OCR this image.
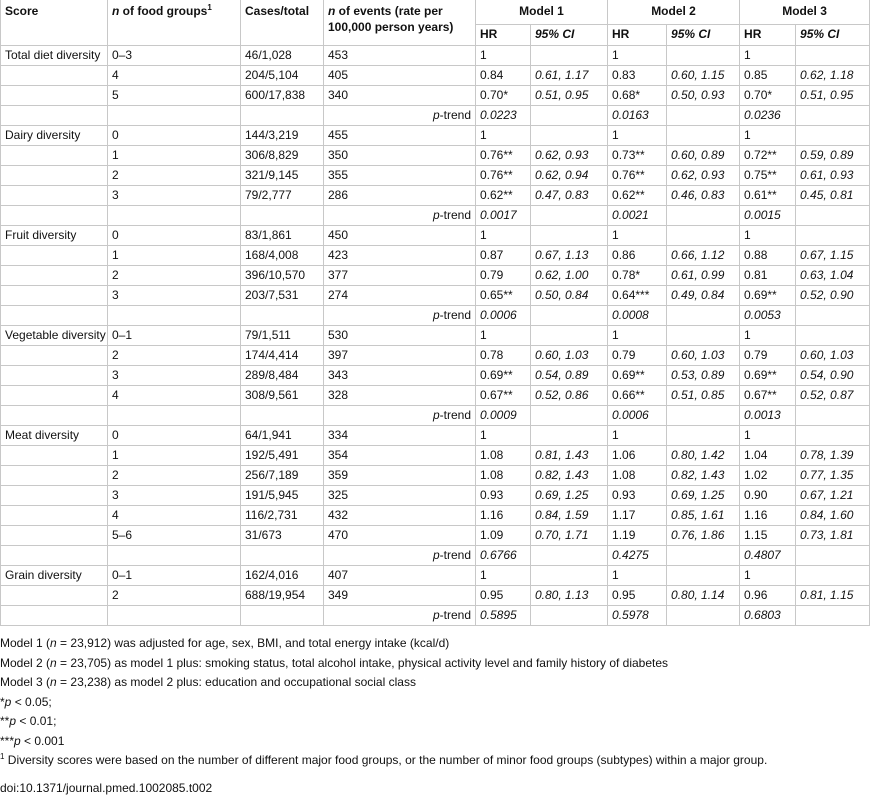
Score	n of food groups$^1$	Cases/total	n of events (rate per 100,000 person years)	Model 1		Model 2		Model 3	
				HR	95% CI	HR	95% CI	HR	95% CI
Total diet diversity	0–3	46/1,028	453	1		1		1	
	4	204/5,104	405	0.84	0.61, 1.17	0.83	0.60, 1.15	0.85	0.62, 1.18
	5	600/17,838	340	0.70*	0.51, 0.95	0.68*	0.50, 0.93	0.70*	0.51, 0.95
			p-trend	0.0223		0.0163		0.0236	
Dairy diversity	0	144/3,219	455	1		1		1	
	1	306/8,829	350	0.76**	0.62, 0.93	0.73**	0.60, 0.89	0.72**	0.59, 0.89
	2	321/9,145	355	0.76**	0.62, 0.94	0.76**	0.62, 0.93	0.75**	0.61, 0.93
	3	79/2,777	286	0.62**	0.47, 0.83	0.62**	0.46, 0.83	0.61**	0.45, 0.81
			p-trend	0.0017		0.0021		0.0015	
Fruit diversity	0	83/1,861	450	1		1		1	
	1	168/4,008	423	0.87	0.67, 1.13	0.86	0.66, 1.12	0.88	0.67, 1.15
	2	396/10,570	377	0.79	0.62, 1.00	0.78*	0.61, 0.99	0.81	0.63, 1.04
	3	203/7,531	274	0.65**	0.50, 0.84	0.64***	0.49, 0.84	0.69**	0.52, 0.90
			p-trend	0.0006		0.0008		0.0053	
Vegetable diversity	0–1	79/1,511	530	1		1		1	
	2	174/4,414	397	0.78	0.60, 1.03	0.79	0.60, 1.03	0.79	0.60, 1.03
	3	289/8,484	343	0.69**	0.54, 0.89	0.69**	0.53, 0.89	0.69**	0.54, 0.90
	4	308/9,561	328	0.67**	0.52, 0.86	0.66**	0.51, 0.85	0.67**	0.52, 0.87
			p-trend	0.0009		0.0006		0.0013	
Meat diversity	0	64/1,941	334	1		1		1	
	1	192/5,491	354	1.08	0.81, 1.43	1.06	0.80, 1.42	1.04	0.78, 1.39
	2	256/7,189	359	1.08	0.82, 1.43	1.08	0.82, 1.43	1.02	0.77, 1.35
	3	191/5,945	325	0.93	0.69, 1.25	0.93	0.69, 1.25	0.90	0.67, 1.21
	4	116/2,731	432	1.16	0.84, 1.59	1.17	0.85, 1.61	1.16	0.84, 1.60
	5–6	31/673	470	1.09	0.70, 1.71	1.19	0.76, 1.86	1.15	0.73, 1.81
			p-trend	0.6766		0.4275		0.4807	
Grain diversity	0–1	162/4,016	407	1		1		1	
	2	688/19,954	349	0.95	0.80, 1.13	0.95	0.80, 1.14	0.96	0.81, 1.15
			p-trend	0.5895		0.5978		0.6803	
Model 1 (n = 23,912) was adjusted for age, sex, BMI, and total energy intake (kcal/d)
Model 2 (n = 23,705) as model 1 plus: smoking status, total alcohol intake, physical activity level and family history of diabetes
Model 3 (n = 23,238) as model 2 plus: education and occupational social class
*p < 0.05;
**p < 0.01;
***p < 0.001
$^1$ Diversity scores were based on the number of different major food groups, or the number of minor food groups (subtypes) within a major group.
doi:10.1371/journal.pmed.1002085.t002
